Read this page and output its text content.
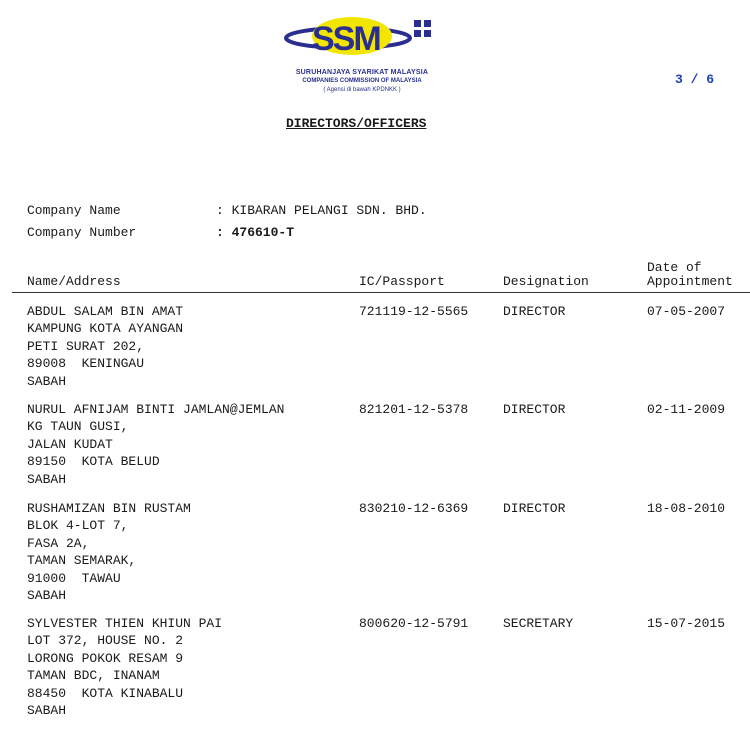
SSM
SURUHANJAYA SYARIKAT MALAYSIA
COMPANIES COMMISSION OF MALAYSIA
( Agensi di bawah KPDNKK )
3 / 6
DIRECTORS/OFFICERS
Company Name	: KIBARAN PELANGI SDN. BHD.
Company Number	: 476610-T
Name/Address	IC/Passport	Designation
Date of
Appointment
ABDUL SALAM BIN AMAT
KAMPUNG KOTA AYANGAN
PETI SURAT 202,
89008  KENINGAU
SABAH
721119-12-5565	DIRECTOR	07-05-2007
NURUL AFNIJAM BINTI JAMLAN@JEMLAN
KG TAUN GUSI,
JALAN KUDAT
89150  KOTA BELUD
SABAH
821201-12-5378	DIRECTOR	02-11-2009
RUSHAMIZAN BIN RUSTAM
BLOK 4-LOT 7,
FASA 2A,
TAMAN SEMARAK,
91000  TAWAU
SABAH
830210-12-6369	DIRECTOR	18-08-2010
SYLVESTER THIEN KHIUN PAI
LOT 372, HOUSE NO. 2
LORONG POKOK RESAM 9
TAMAN BDC, INANAM
88450  KOTA KINABALU
SABAH
800620-12-5791	SECRETARY	15-07-2015
